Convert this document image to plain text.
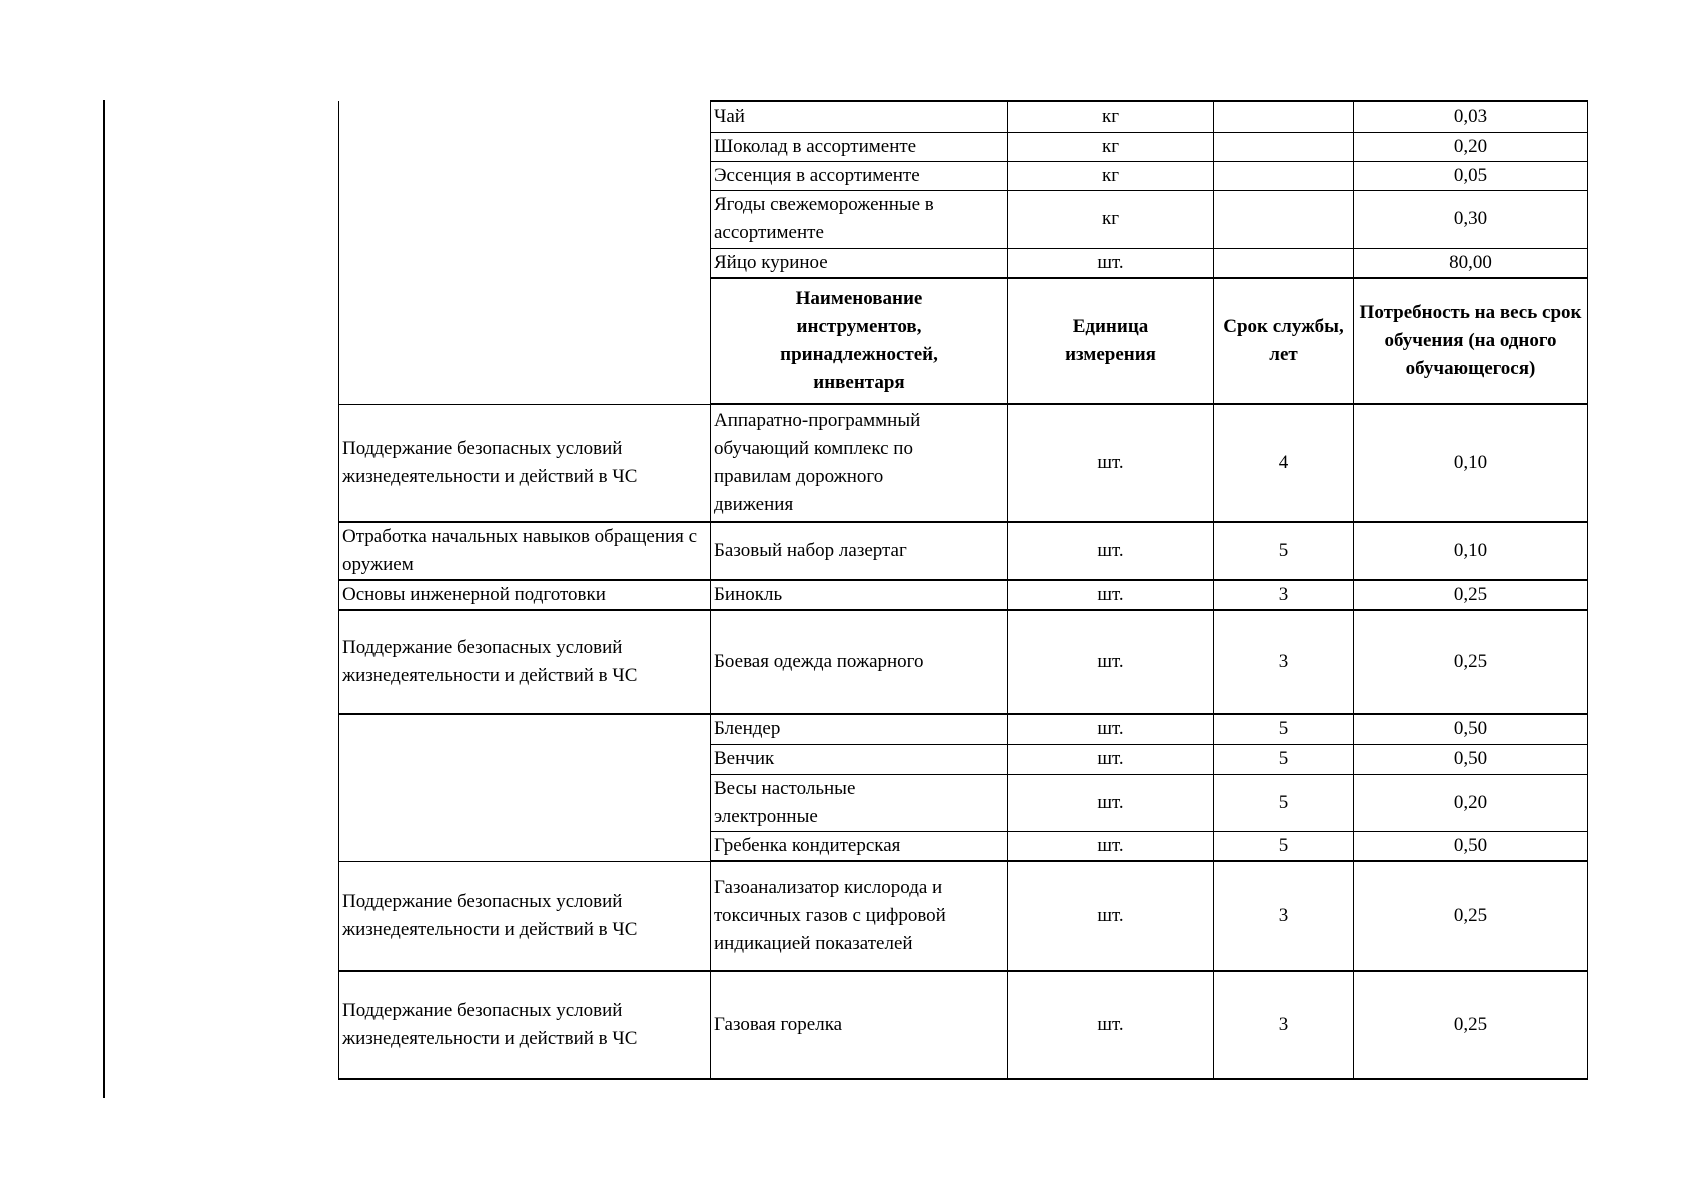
	Чай	кг		0,03
	Шоколад в ассортименте	кг		0,20
	Эссенция в ассортименте	кг		0,05
	Ягоды свежемороженные в ассортименте	кг		0,30
	Яйцо куриное	шт.		80,00

	Наименование инструментов, принадлежностей, инвентаря	Единица измерения	Срок службы, лет	Потребность на весь срок обучения (на одного обучающегося)

Поддержание безопасных условий жизнедеятельности и действий в ЧС	Аппаратно-программный обучающий комплекс по правилам дорожного движения	шт.	4	0,10
Отработка начальных навыков обращения с оружием	Базовый набор лазертаг	шт.	5	0,10
Основы инженерной подготовки	Бинокль	шт.	3	0,25
Поддержание безопасных условий жизнедеятельности и действий в ЧС	Боевая одежда пожарного	шт.	3	0,25
	Блендер	шт.	5	0,50
	Венчик	шт.	5	0,50

	Весы настольные электронные	шт.	5	0,20
	Гребенка кондитерская	шт.	5	0,50
Поддержание безопасных условий жизнедеятельности и действий в ЧС	Газоанализатор кислорода и токсичных газов с цифровой индикацией показателей	шт.	3	0,25
Поддержание безопасных условий жизнедеятельности и действий в ЧС	Газовая горелка	шт.	3	0,25
